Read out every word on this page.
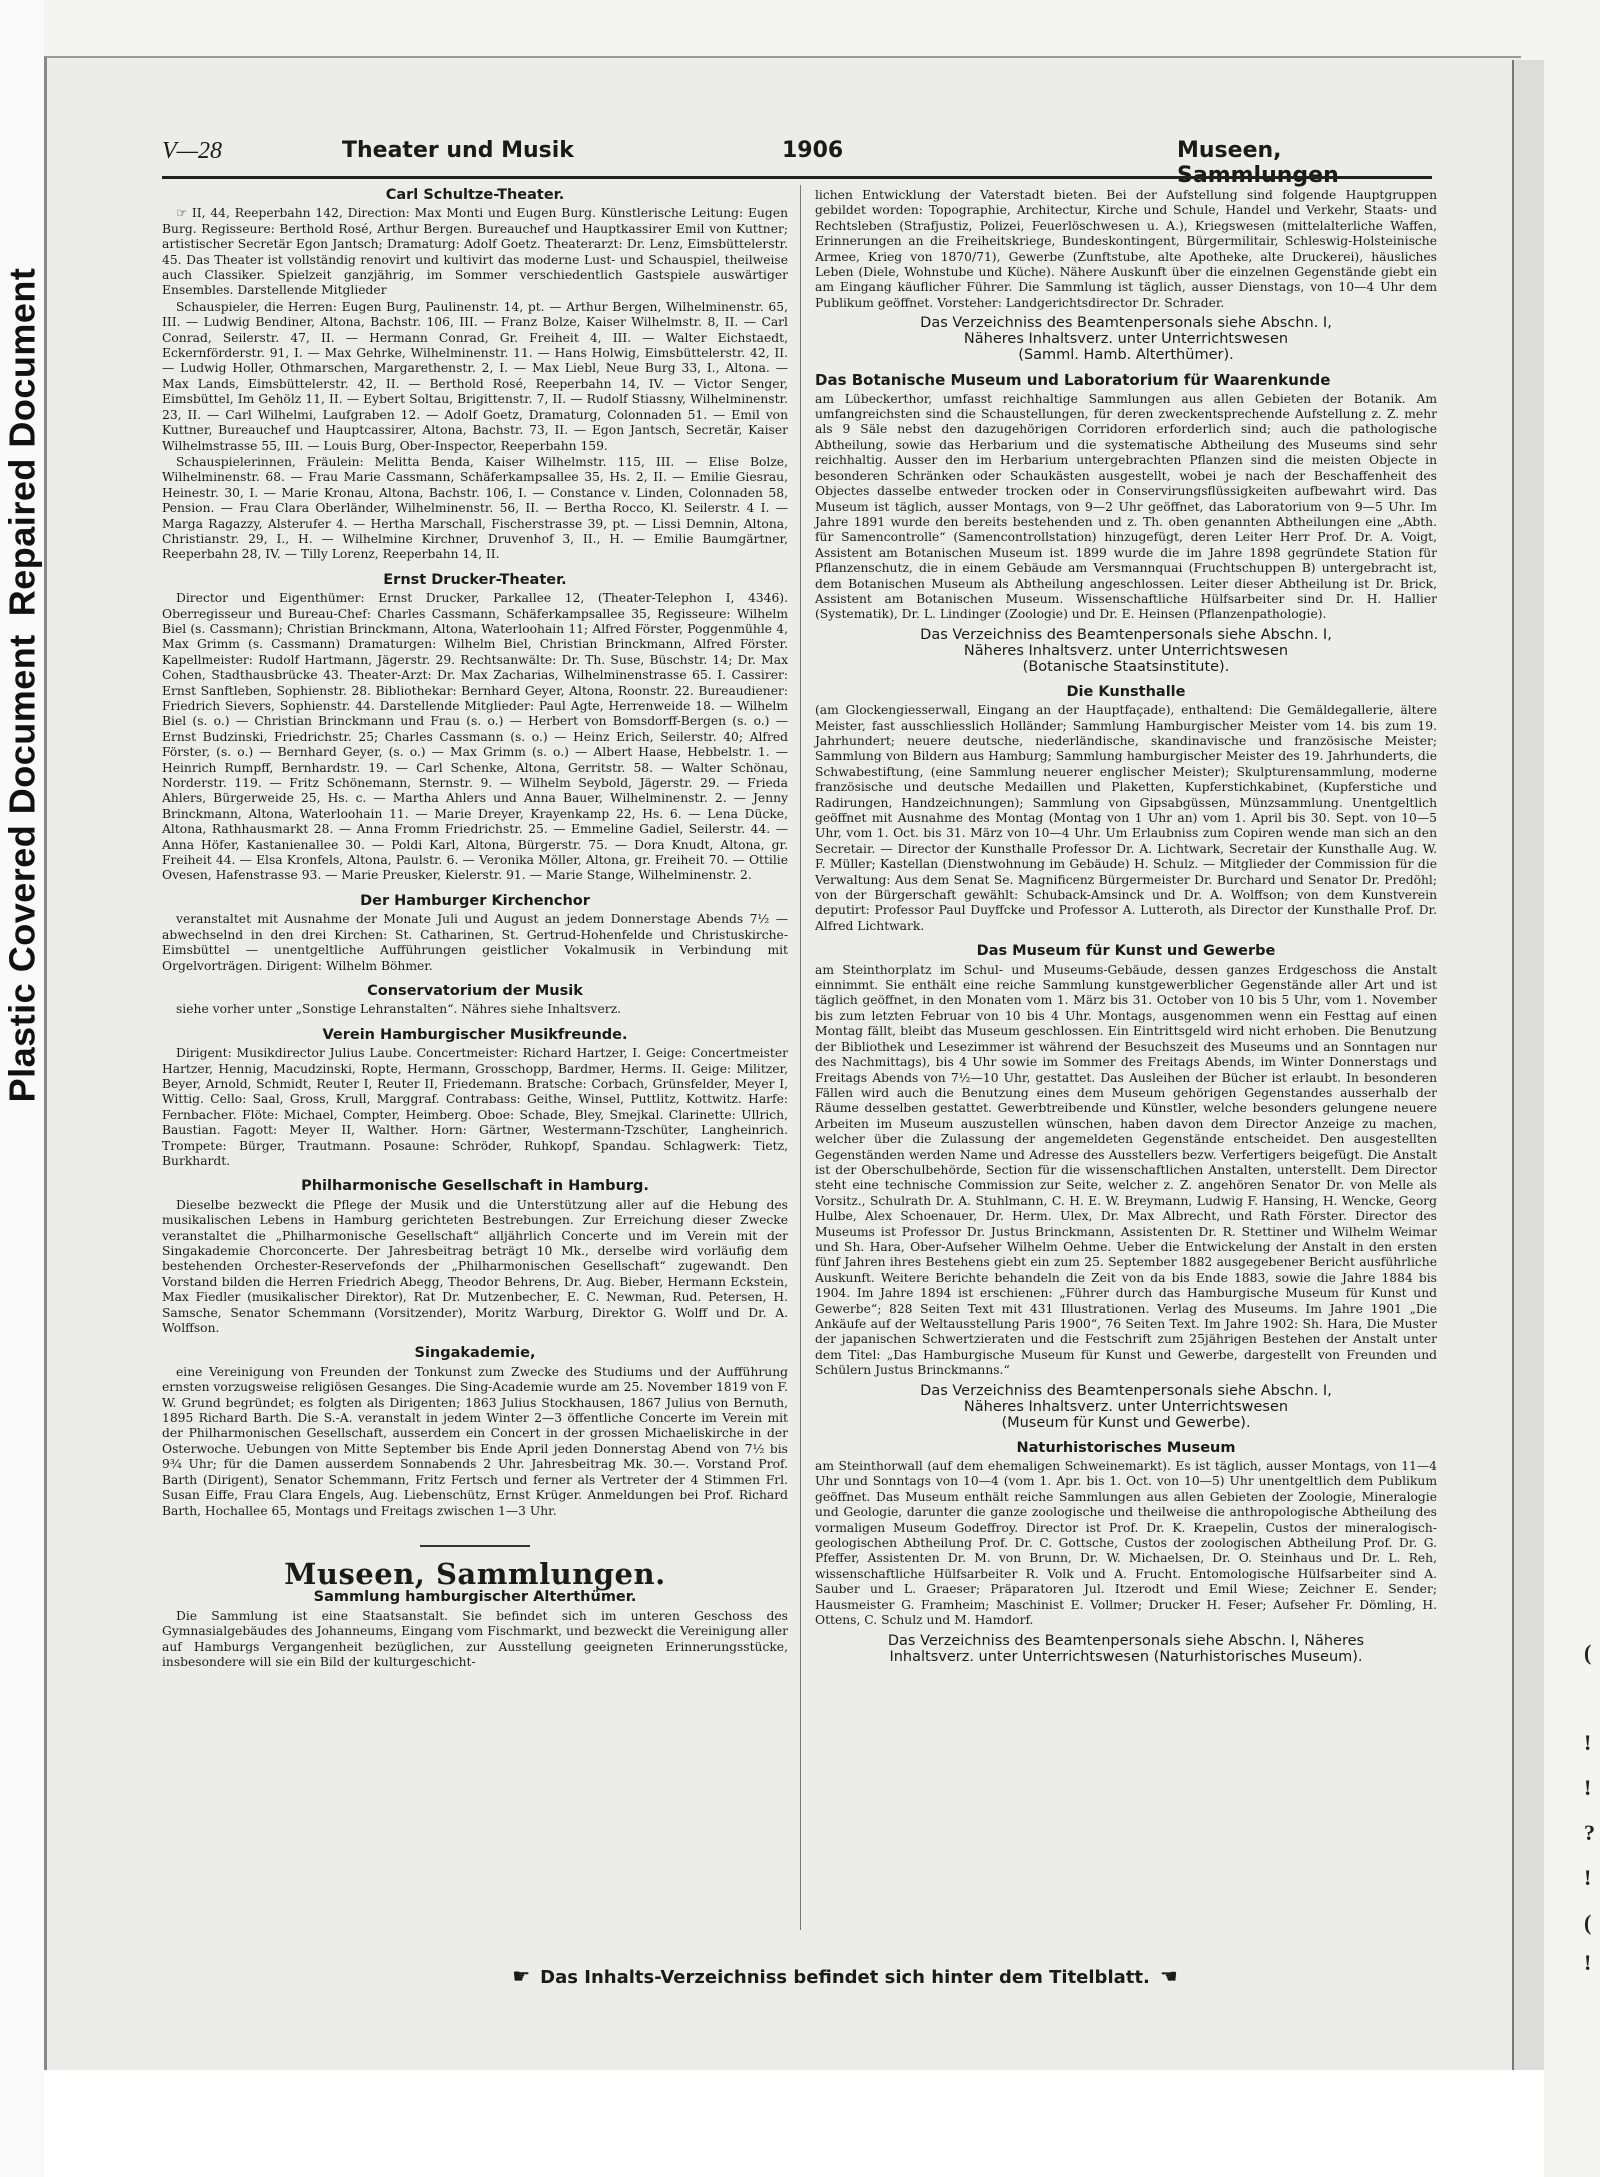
Plastic Covered DocumentRepaired Document
(
!
!
?
!
(
!
V—28	Theater und Musik	1906	Museen,
Carl Schultze-Theater.

☞ II, 44, Reeperbahn 142, Direction: Max Monti und Eugen Burg. Künstlerische Leitung: Eugen Burg. Regisseure: Berthold Rosé, Arthur Bergen. Bureauchef und Hauptkassirer Emil von Kuttner; artistischer Secretär Egon Jantsch; Dramaturg: Adolf Goetz. Theaterarzt: Dr. Lenz, Eimsbüttelerstr. 45. Das Theater ist vollständig renovirt und kultivirt das moderne Lust- und Schauspiel, theilweise auch Classiker. Spielzeit ganzjährig, im Sommer verschiedentlich Gastspiele auswärtiger Ensembles. Darstellende Mitglieder

Schauspieler, die Herren: Eugen Burg, Paulinenstr. 14, pt. — Arthur Bergen, Wilhelminenstr. 65, III. — Ludwig Bendiner, Altona, Bachstr. 106, III. — Franz Bolze, Kaiser Wilhelmstr. 8, II. — Carl Conrad, Seilerstr. 47, II. — Hermann Conrad, Gr. Freiheit 4, III. — Walter Eichstaedt, Eckernförderstr. 91, I. — Max Gehrke, Wilhelminenstr. 11. — Hans Holwig, Eimsbüttelerstr. 42, II. — Ludwig Holler, Othmarschen, Margarethenstr. 2, I. — Max Liebl, Neue Burg 33, I., Altona. — Max Lands, Eimsbüttelerstr. 42, II. — Berthold Rosé, Reeperbahn 14, IV. — Victor Senger, Eimsbüttel, Im Gehölz 11, II. — Eybert Soltau, Brigittenstr. 7, II. — Rudolf Stiassny, Wilhelminenstr. 23, II. — Carl Wilhelmi, Laufgraben 12. — Adolf Goetz, Dramaturg, Colonnaden 51. — Emil von Kuttner, Bureauchef und Hauptcassirer, Altona, Bachstr. 73, II. — Egon Jantsch, Secretär, Kaiser Wilhelmstrasse 55, III. — Louis Burg, Ober-Inspector, Reeperbahn 159.

Schauspielerinnen, Fräulein: Melitta Benda, Kaiser Wilhelmstr. 115, III. — Elise Bolze, Wilhelminenstr. 68. — Frau Marie Cassmann, Schäferkampsallee 35, Hs. 2, II. — Emilie Giesrau, Heinestr. 30, I. — Marie Kronau, Altona, Bachstr. 106, I. — Constance v. Linden, Colonnaden 58, Pension. — Frau Clara Oberländer, Wilhelminenstr. 56, II. — Bertha Rocco, Kl. Seilerstr. 4 I. — Marga Ragazzy, Alsterufer 4. — Hertha Marschall, Fischerstrasse 39, pt. — Lissi Demnin, Altona, Christianstr. 29, I., H. — Wilhelmine Kirchner, Druvenhof 3, II., H. — Emilie Baumgärtner, Reeperbahn 28, IV. — Tilly Lorenz, Reeperbahn 14, II.

Ernst Drucker-Theater.

Director und Eigenthümer: Ernst Drucker, Parkallee 12, (Theater-Telephon I, 4346). Oberregisseur und Bureau-Chef: Charles Cassmann, Schäferkampsallee 35, Regisseure: Wilhelm Biel (s. Cassmann); Christian Brinckmann, Altona, Waterloohain 11; Alfred Förster, Poggenmühle 4, Max Grimm (s. Cassmann) Dramaturgen: Wilhelm Biel, Christian Brinckmann, Alfred Förster. Kapellmeister: Rudolf Hartmann, Jägerstr. 29. Rechtsanwälte: Dr. Th. Suse, Büschstr. 14; Dr. Max Cohen, Stadthausbrücke 43. Theater-Arzt: Dr. Max Zacharias, Wilhelminenstrasse 65. I. Cassirer: Ernst Sanftleben, Sophienstr. 28. Bibliothekar: Bernhard Geyer, Altona, Roonstr. 22. Bureaudiener: Friedrich Sievers, Sophienstr. 44. Darstellende Mitglieder: Paul Agte, Herrenweide 18. — Wilhelm Biel (s. o.) — Christian Brinckmann und Frau (s. o.) — Herbert von Bomsdorff-Bergen (s. o.) — Ernst Budzinski, Friedrichstr. 25; Charles Cassmann (s. o.) — Heinz Erich, Seilerstr. 40; Alfred Förster, (s. o.) — Bernhard Geyer, (s. o.) — Max Grimm (s. o.) — Albert Haase, Hebbelstr. 1. — Heinrich Rumpff, Bernhardstr. 19. — Carl Schenke, Altona, Gerritstr. 58. — Walter Schönau, Norderstr. 119. — Fritz Schönemann, Sternstr. 9. — Wilhelm Seybold, Jägerstr. 29. — Frieda Ahlers, Bürgerweide 25, Hs. c. — Martha Ahlers und Anna Bauer, Wilhelminenstr. 2. — Jenny Brinckmann, Altona, Waterloohain 11. — Marie Dreyer, Krayenkamp 22, Hs. 6. — Lena Dücke, Altona, Rathhausmarkt 28. — Anna Fromm Friedrichstr. 25. — Emmeline Gadiel, Seilerstr. 44. — Anna Höfer, Kastanienallee 30. — Poldi Karl, Altona, Bürgerstr. 75. — Dora Knudt, Altona, gr. Freiheit 44. — Elsa Kronfels, Altona, Paulstr. 6. — Veronika Möller, Altona, gr. Freiheit 70. — Ottilie Ovesen, Hafenstrasse 93. — Marie Preusker, Kielerstr. 91. — Marie Stange, Wilhelminenstr. 2.

Der Hamburger Kirchenchor

veranstaltet mit Ausnahme der Monate Juli und August an jedem Donnerstage Abends 7½ — abwechselnd in den drei Kirchen: St. Catharinen, St. Gertrud-Hohenfelde und Christuskirche-Eimsbüttel — unentgeltliche Aufführungen geistlicher Vokalmusik in Verbindung mit Orgelvorträgen. Dirigent: Wilhelm Böhmer.

Conservatorium der Musik

siehe vorher unter „Sonstige Lehranstalten“. Nähres siehe Inhaltsverz.

Verein Hamburgischer Musikfreunde.

Dirigent: Musikdirector Julius Laube. Concertmeister: Richard Hartzer, I. Geige: Concertmeister Hartzer, Hennig, Macudzinski, Ropte, Hermann, Grosschopp, Bardmer, Herms. II. Geige: Militzer, Beyer, Arnold, Schmidt, Reuter I, Reuter II, Friedemann. Bratsche: Corbach, Grünsfelder, Meyer I, Wittig. Cello: Saal, Gross, Krull, Marggraf. Contrabass: Geithe, Winsel, Puttlitz, Kottwitz. Harfe: Fernbacher. Flöte: Michael, Compter, Heimberg. Oboe: Schade, Bley, Smejkal. Clarinette: Ullrich, Baustian. Fagott: Meyer II, Walther. Horn: Gärtner, Westermann-Tzschüter, Langheinrich. Trompete: Bürger, Trautmann. Posaune: Schröder, Ruhkopf, Spandau. Schlagwerk: Tietz, Burkhardt.

Philharmonische Gesellschaft in Hamburg.

Dieselbe bezweckt die Pflege der Musik und die Unterstützung aller auf die Hebung des musikalischen Lebens in Hamburg gerichteten Bestrebungen. Zur Erreichung dieser Zwecke veranstaltet die „Philharmonische Gesellschaft“ alljährlich Concerte und im Verein mit der Singakademie Chorconcerte. Der Jahresbeitrag beträgt 10 Mk., derselbe wird vorläufig dem bestehenden Orchester-Reservefonds der „Philharmonischen Gesellschaft“ zugewandt. Den Vorstand bilden die Herren Friedrich Abegg, Theodor Behrens, Dr. Aug. Bieber, Hermann Eckstein, Max Fiedler (musikalischer Direktor), Rat Dr. Mutzenbecher, E. C. Newman, Rud. Petersen, H. Samsche, Senator Schemmann (Vorsitzender), Moritz Warburg, Direktor G. Wolff und Dr. A. Wolffson.

Singakademie,

eine Vereinigung von Freunden der Tonkunst zum Zwecke des Studiums und der Aufführung ernsten vorzugsweise religiösen Gesanges. Die Sing-Academie wurde am 25. November 1819 von F. W. Grund begründet; es folgten als Dirigenten; 1863 Julius Stockhausen, 1867 Julius von Bernuth, 1895 Richard Barth. Die S.-A. veranstalt in jedem Winter 2—3 öffentliche Concerte im Verein mit der Philharmonischen Gesellschaft, ausserdem ein Concert in der grossen Michaeliskirche in der Osterwoche. Uebungen von Mitte September bis Ende April jeden Donnerstag Abend von 7½ bis 9¾ Uhr; für die Damen ausserdem Sonnabends 2 Uhr. Jahresbeitrag Mk. 30.—. Vorstand Prof. Barth (Dirigent), Senator Schemmann, Fritz Fertsch und ferner als Vertreter der 4 Stimmen Frl. Susan Eiffe, Frau Clara Engels, Aug. Liebenschütz, Ernst Krüger. Anmeldungen bei Prof. Richard Barth, Hochallee 65, Montags und Freitags zwischen 1—3 Uhr.

Museen, Sammlungen.
Sammlung hamburgischer Alterthümer.

Die Sammlung ist eine Staatsanstalt. Sie befindet sich im unteren Geschoss des Gymnasialgebäudes des Johanneums, Eingang vom Fischmarkt, und bezweckt die Vereinigung aller auf Hamburgs Vergangenheit bezüglichen, zur Ausstellung geeigneten Erinnerungsstücke, insbesondere will sie ein Bild der kulturgeschicht-

lichen Entwicklung der Vaterstadt bieten. Bei der Aufstellung sind folgende Hauptgruppen gebildet worden: Topographie, Architectur, Kirche und Schule, Handel und Verkehr, Staats- und Rechtsleben (Strafjustiz, Polizei, Feuerlöschwesen u. A.), Kriegswesen (mittelalterliche Waffen, Erinnerungen an die Freiheitskriege, Bundeskontingent, Bürgermilitair, Schleswig-Holsteinische Armee, Krieg von 1870/71), Gewerbe (Zunftstube, alte Apotheke, alte Druckerei), häusliches Leben (Diele, Wohnstube und Küche). Nähere Auskunft über die einzelnen Gegenstände giebt ein am Eingang käuflicher Führer. Die Sammlung ist täglich, ausser Dienstags, von 10—4 Uhr dem Publikum geöffnet. Vorsteher: Landgerichtsdirector Dr. Schrader.

Das Verzeichniss des Beamtenpersonals siehe Abschn. I,
Näheres Inhaltsverz. unter Unterrichtswesen
(Samml. Hamb. Alterthümer).
Das Botanische Museum und Laboratorium für Waarenkunde

am Lübeckerthor, umfasst reichhaltige Sammlungen aus allen Gebieten der Botanik. Am umfangreichsten sind die Schaustellungen, für deren zweckentsprechende Aufstellung z. Z. mehr als 9 Säle nebst den dazugehörigen Corridoren erforderlich sind; auch die pathologische Abtheilung, sowie das Herbarium und die systematische Abtheilung des Museums sind sehr reichhaltig. Ausser den im Herbarium untergebrachten Pflanzen sind die meisten Objecte in besonderen Schränken oder Schaukästen ausgestellt, wobei je nach der Beschaffenheit des Objectes dasselbe entweder trocken oder in Conservirungsflüssigkeiten aufbewahrt wird. Das Museum ist täglich, ausser Montags, von 9—2 Uhr geöffnet, das Laboratorium von 9—5 Uhr. Im Jahre 1891 wurde den bereits bestehenden und z. Th. oben genannten Abtheilungen eine „Abth. für Samencontrolle“ (Samencontrollstation) hinzugefügt, deren Leiter Herr Prof. Dr. A. Voigt, Assistent am Botanischen Museum ist. 1899 wurde die im Jahre 1898 gegründete Station für Pflanzenschutz, die in einem Gebäude am Versmannquai (Fruchtschuppen B) untergebracht ist, dem Botanischen Museum als Abtheilung angeschlossen. Leiter dieser Abtheilung ist Dr. Brick, Assistent am Botanischen Museum. Wissenschaftliche Hülfsarbeiter sind Dr. H. Hallier (Systematik), Dr. L. Lindinger (Zoologie) und Dr. E. Heinsen (Pflanzenpathologie).

Das Verzeichniss des Beamtenpersonals siehe Abschn. I,
Näheres Inhaltsverz. unter Unterrichtswesen
(Botanische Staatsinstitute).
Die Kunsthalle

(am Glockengiesserwall, Eingang an der Hauptfaçade), enthaltend: Die Gemäldegallerie, ältere Meister, fast ausschliesslich Holländer; Sammlung Hamburgischer Meister vom 14. bis zum 19. Jahrhundert; neuere deutsche, niederländische, skandinavische und französische Meister; Sammlung von Bildern aus Hamburg; Sammlung hamburgischer Meister des 19. Jahrhunderts, die Schwabestiftung, (eine Sammlung neuerer englischer Meister); Skulpturensammlung, moderne französische und deutsche Medaillen und Plaketten, Kupferstichkabinet, (Kupferstiche und Radirungen, Handzeichnungen); Sammlung von Gipsabgüssen, Münzsammlung. Unentgeltlich geöffnet mit Ausnahme des Montag (Montag von 1 Uhr an) vom 1. April bis 30. Sept. von 10—5 Uhr, vom 1. Oct. bis 31. März von 10—4 Uhr. Um Erlaubniss zum Copiren wende man sich an den Secretair. — Director der Kunsthalle Professor Dr. A. Lichtwark, Secretair der Kunsthalle Aug. W. F. Müller; Kastellan (Dienstwohnung im Gebäude) H. Schulz. — Mitglieder der Commission für die Verwaltung: Aus dem Senat Se. Magnificenz Bürgermeister Dr. Burchard und Senator Dr. Predöhl; von der Bürgerschaft gewählt: Schuback-Amsinck und Dr. A. Wolffson; von dem Kunstverein deputirt: Professor Paul Duyffcke und Professor A. Lutteroth, als Director der Kunsthalle Prof. Dr. Alfred Lichtwark.

Das Museum für Kunst und Gewerbe

am Steinthorplatz im Schul- und Museums-Gebäude, dessen ganzes Erdgeschoss die Anstalt einnimmt. Sie enthält eine reiche Sammlung kunstgewerblicher Gegenstände aller Art und ist täglich geöffnet, in den Monaten vom 1. März bis 31. October von 10 bis 5 Uhr, vom 1. November bis zum letzten Februar von 10 bis 4 Uhr. Montags, ausgenommen wenn ein Festtag auf einen Montag fällt, bleibt das Museum geschlossen. Ein Eintrittsgeld wird nicht erhoben. Die Benutzung der Bibliothek und Lesezimmer ist während der Besuchszeit des Museums und an Sonntagen nur des Nachmittags), bis 4 Uhr sowie im Sommer des Freitags Abends, im Winter Donnerstags und Freitags Abends von 7½—10 Uhr, gestattet. Das Ausleihen der Bücher ist erlaubt. In besonderen Fällen wird auch die Benutzung eines dem Museum gehörigen Gegenstandes ausserhalb der Räume desselben gestattet. Gewerbtreibende und Künstler, welche besonders gelungene neuere Arbeiten im Museum auszustellen wünschen, haben davon dem Director Anzeige zu machen, welcher über die Zulassung der angemeldeten Gegenstände entscheidet. Den ausgestellten Gegenständen werden Name und Adresse des Ausstellers bezw. Verfertigers beigefügt. Die Anstalt ist der Oberschulbehörde, Section für die wissenschaftlichen Anstalten, unterstellt. Dem Director steht eine technische Commission zur Seite, welcher z. Z. angehören Senator Dr. von Melle als Vorsitz., Schulrath Dr. A. Stuhlmann, C. H. E. W. Breymann, Ludwig F. Hansing, H. Wencke, Georg Hulbe, Alex Schoenauer, Dr. Herm. Ulex, Dr. Max Albrecht, und Rath Förster. Director des Museums ist Professor Dr. Justus Brinckmann, Assistenten Dr. R. Stettiner und Wilhelm Weimar und Sh. Hara, Ober-Aufseher Wilhelm Oehme. Ueber die Entwickelung der Anstalt in den ersten fünf Jahren ihres Bestehens giebt ein zum 25. September 1882 ausgegebener Bericht ausführliche Auskunft. Weitere Berichte behandeln die Zeit von da bis Ende 1883, sowie die Jahre 1884 bis 1904. Im Jahre 1894 ist erschienen: „Führer durch das Hamburgische Museum für Kunst und Gewerbe“; 828 Seiten Text mit 431 Illustrationen. Verlag des Museums. Im Jahre 1901 „Die Ankäufe auf der Weltausstellung Paris 1900“, 76 Seiten Text. Im Jahre 1902: Sh. Hara, Die Muster der japanischen Schwertzieraten und die Festschrift zum 25jährigen Bestehen der Anstalt unter dem Titel: „Das Hamburgische Museum für Kunst und Gewerbe, dargestellt von Freunden und Schülern Justus Brinckmanns.“

Das Verzeichniss des Beamtenpersonals siehe Abschn. I,
Näheres Inhaltsverz. unter Unterrichtswesen
(Museum für Kunst und Gewerbe).
Naturhistorisches Museum

am Steinthorwall (auf dem ehemaligen Schweinemarkt). Es ist täglich, ausser Montags, von 11—4 Uhr und Sonntags von 10—4 (vom 1. Apr. bis 1. Oct. von 10—5) Uhr unentgeltlich dem Publikum geöffnet. Das Museum enthält reiche Sammlungen aus allen Gebieten der Zoologie, Mineralogie und Geologie, darunter die ganze zoologische und theilweise die anthropologische Abtheilung des vormaligen Museum Godeffroy. Director ist Prof. Dr. K. Kraepelin, Custos der mineralogisch-geologischen Abtheilung Prof. Dr. C. Gottsche, Custos der zoologischen Abtheilung Prof. Dr. G. Pfeffer, Assistenten Dr. M. von Brunn, Dr. W. Michaelsen, Dr. O. Steinhaus und Dr. L. Reh, wissenschaftliche Hülfsarbeiter R. Volk und A. Frucht. Entomologische Hülfsarbeiter sind A. Sauber und L. Graeser; Präparatoren Jul. Itzerodt und Emil Wiese; Zeichner E. Sender; Hausmeister G. Framheim; Maschinist E. Vollmer; Drucker H. Feser; Aufseher Fr. Dömling, H. Ottens, C. Schulz und M. Hamdorf.

Das Verzeichniss des Beamtenpersonals siehe Abschn. I, Näheres
Inhaltsverz. unter Unterrichtswesen (Naturhistorisches Museum).
☛ Das Inhalts-Verzeichniss befindet sich hinter dem Titelblatt. ☚
